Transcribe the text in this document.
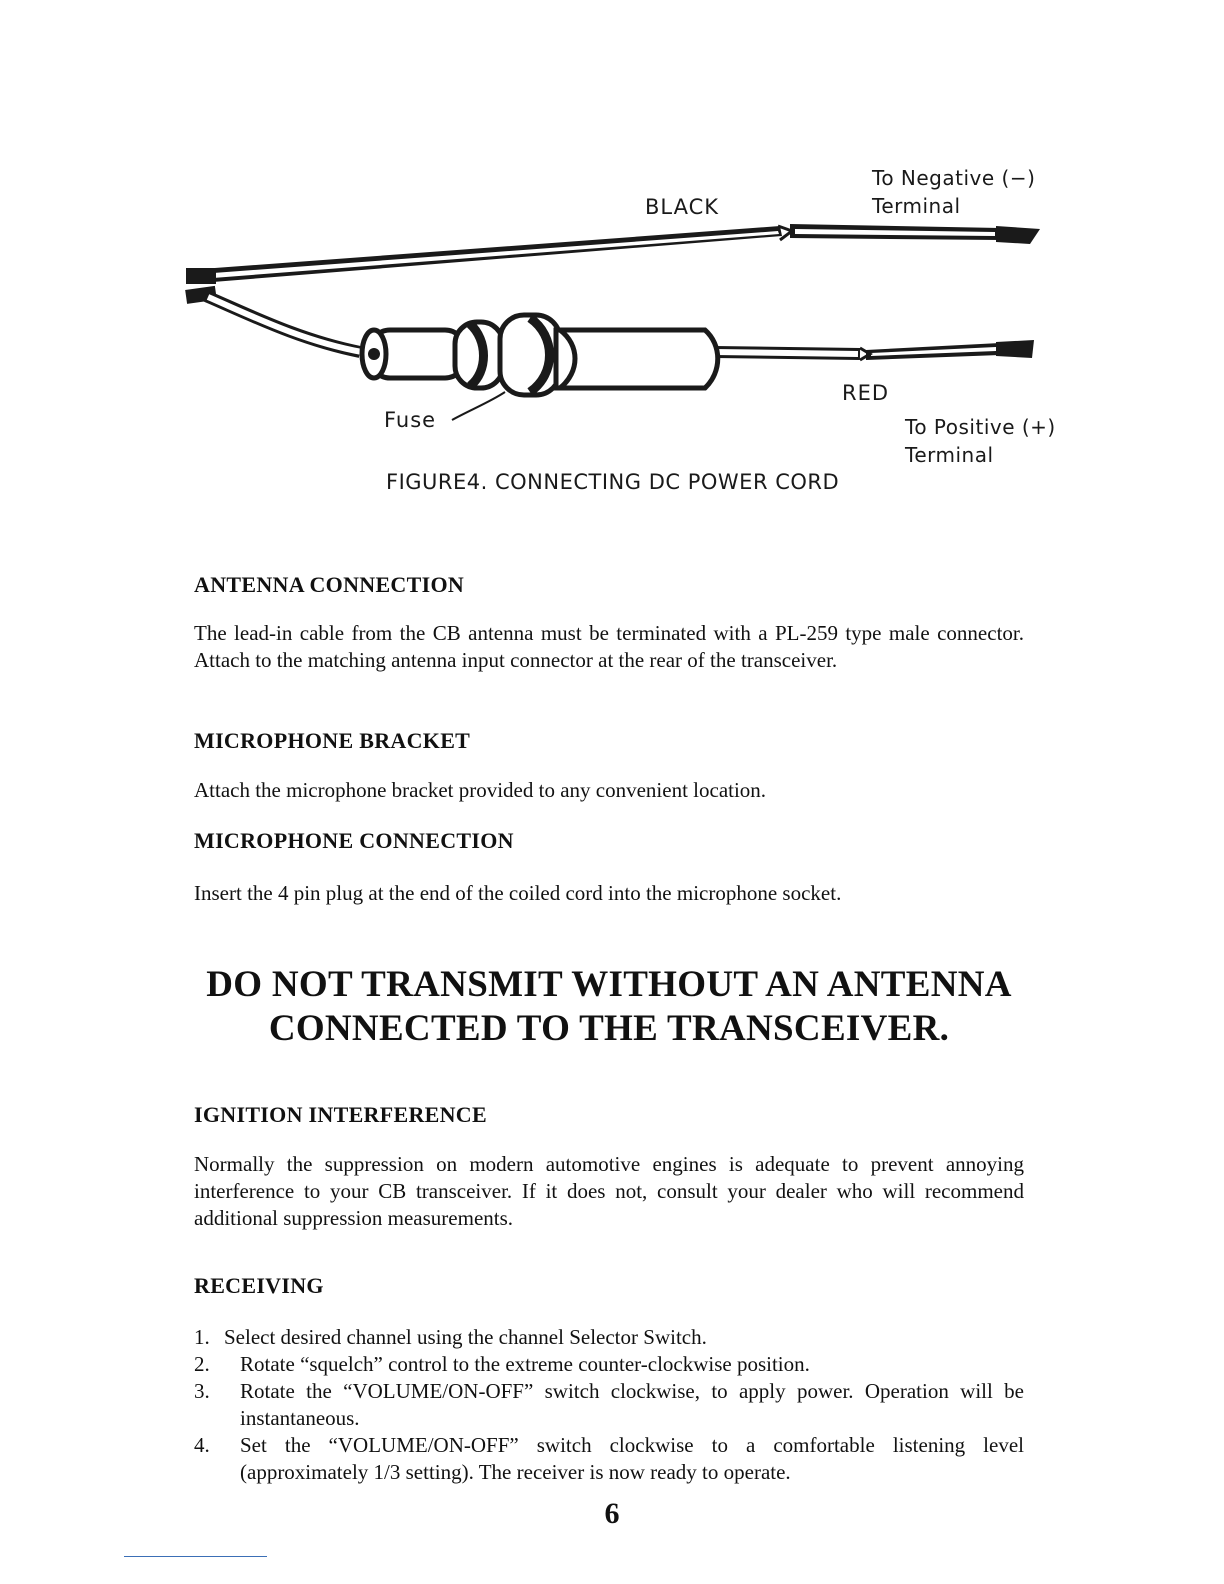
BLACK
To Negative (−)
Terminal
RED
To Positive (+)
Terminal
Fuse
FIGURE4. CONNECTING DC POWER CORD
ANTENNA CONNECTION

The lead-in cable from the CB antenna must be terminated with a PL-259 type male connector. Attach to the matching antenna input connector at the rear of the transceiver.

MICROPHONE BRACKET

Attach the microphone bracket provided to any convenient location.

MICROPHONE CONNECTION

Insert the 4 pin plug at the end of the coiled cord into the microphone socket.

DO NOT TRANSMIT WITHOUT AN ANTENNA
CONNECTED TO THE TRANSCEIVER.
IGNITION INTERFERENCE

Normally the suppression on modern automotive engines is adequate to prevent annoying interference to your CB transceiver. If it does not, consult your dealer who will recommend additional suppression measurements.

RECEIVING
1. Select desired channel using the channel Selector Switch.
2. Rotate “squelch” control to the extreme counter-clockwise position.
3. Rotate the “VOLUME/ON-OFF” switch clockwise, to apply power. Operation will be instantaneous.
4. Set the “VOLUME/ON-OFF” switch clockwise to a comfortable listening level (approximately 1/3 setting). The receiver is now ready to operate.
6
